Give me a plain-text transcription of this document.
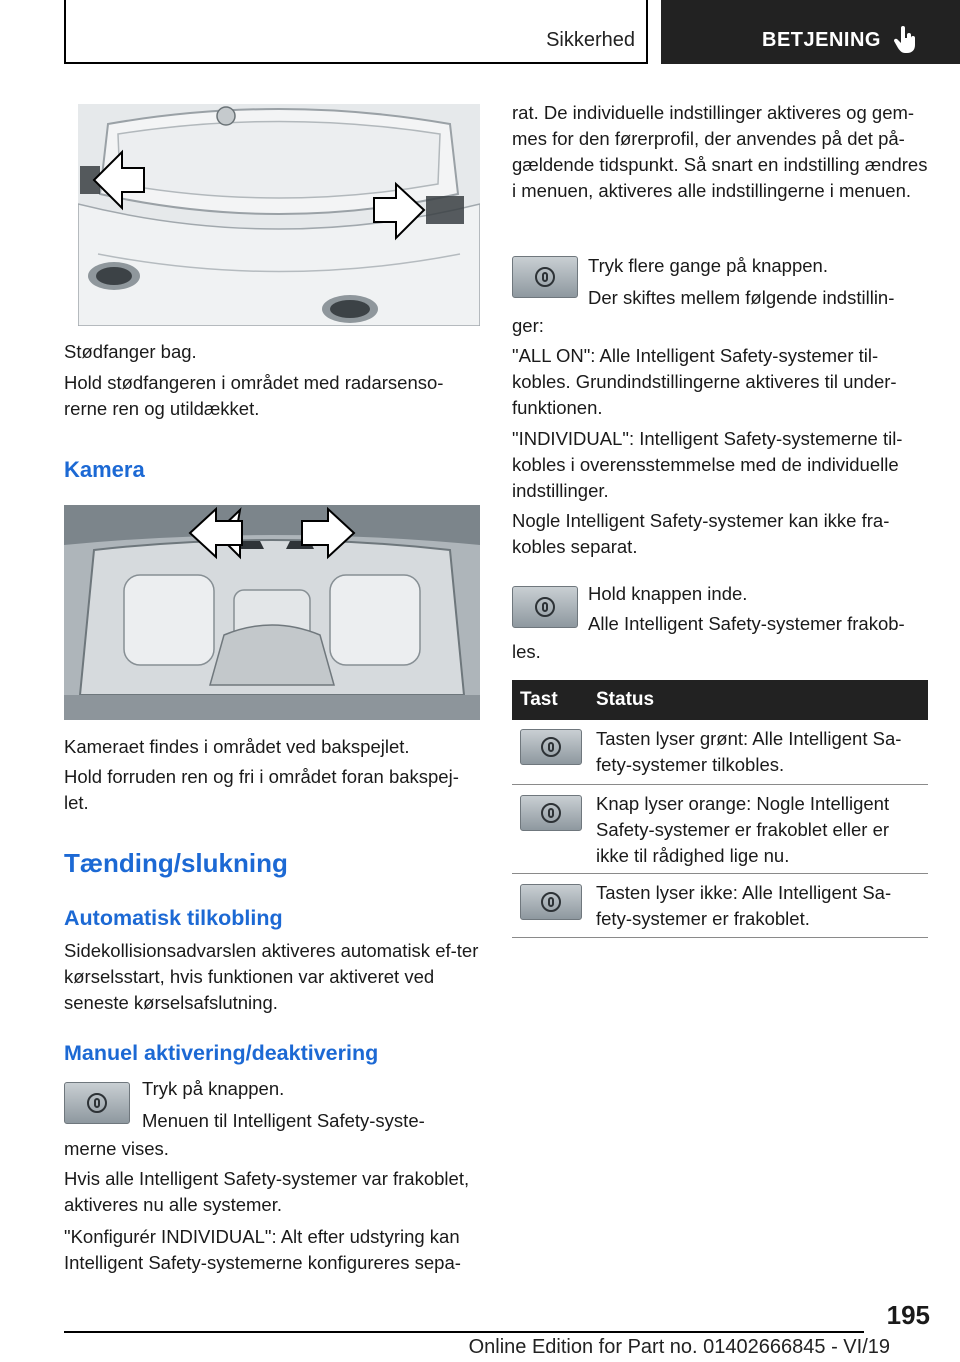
Sikkerhed	BETJENING

Stødfanger bag.

Hold stødfangeren i området med radarsenso-rerne ren og utildækket.

Kamera

Kameraet findes i området ved bakspejlet.

Hold forruden ren og fri i området foran bakspej-let.

Tænding/slukning

Automatisk tilkobling

Sidekollisionsadvarslen aktiveres automatisk ef-ter kørselsstart, hvis funktionen var aktiveret ved seneste kørselsafslutning.

Manuel aktivering/deaktivering

Tryk på knappen.

Menuen til Intelligent Safety-syste-

merne vises.

Hvis alle Intelligent Safety-systemer var frakoblet, aktiveres nu alle systemer.

"Konfigurér INDIVIDUAL": Alt efter udstyring kan Intelligent Safety-systemerne konfigureres sepa-

rat. De individuelle indstillinger aktiveres og gem-mes for den førerprofil, der anvendes på det på-gældende tidspunkt. Så snart en indstilling ændres i menuen, aktiveres alle indstillingerne i menuen.

Tryk flere gange på knappen.

Der skiftes mellem følgende indstillin-

ger:

"ALL ON": Alle Intelligent Safety-systemer til-kobles. Grundindstillingerne aktiveres til under-funktionen.

"INDIVIDUAL": Intelligent Safety-systemerne til-kobles i overensstemmelse med de individuelle indstillinger.

Nogle Intelligent Safety-systemer kan ikke fra-kobles separat.

Hold knappen inde.

Alle Intelligent Safety-systemer frakob-

les.

Tast Status

Tasten lyser grønt: Alle Intelligent Sa-fety-systemer tilkobles.

Knap lyser orange: Nogle Intelligent Safety-systemer er frakoblet eller er ikke til rådighed lige nu.

Tasten lyser ikke: Alle Intelligent Sa-fety-systemer er frakoblet.

195
Online Edition for Part no. 01402666845 - VI/19
